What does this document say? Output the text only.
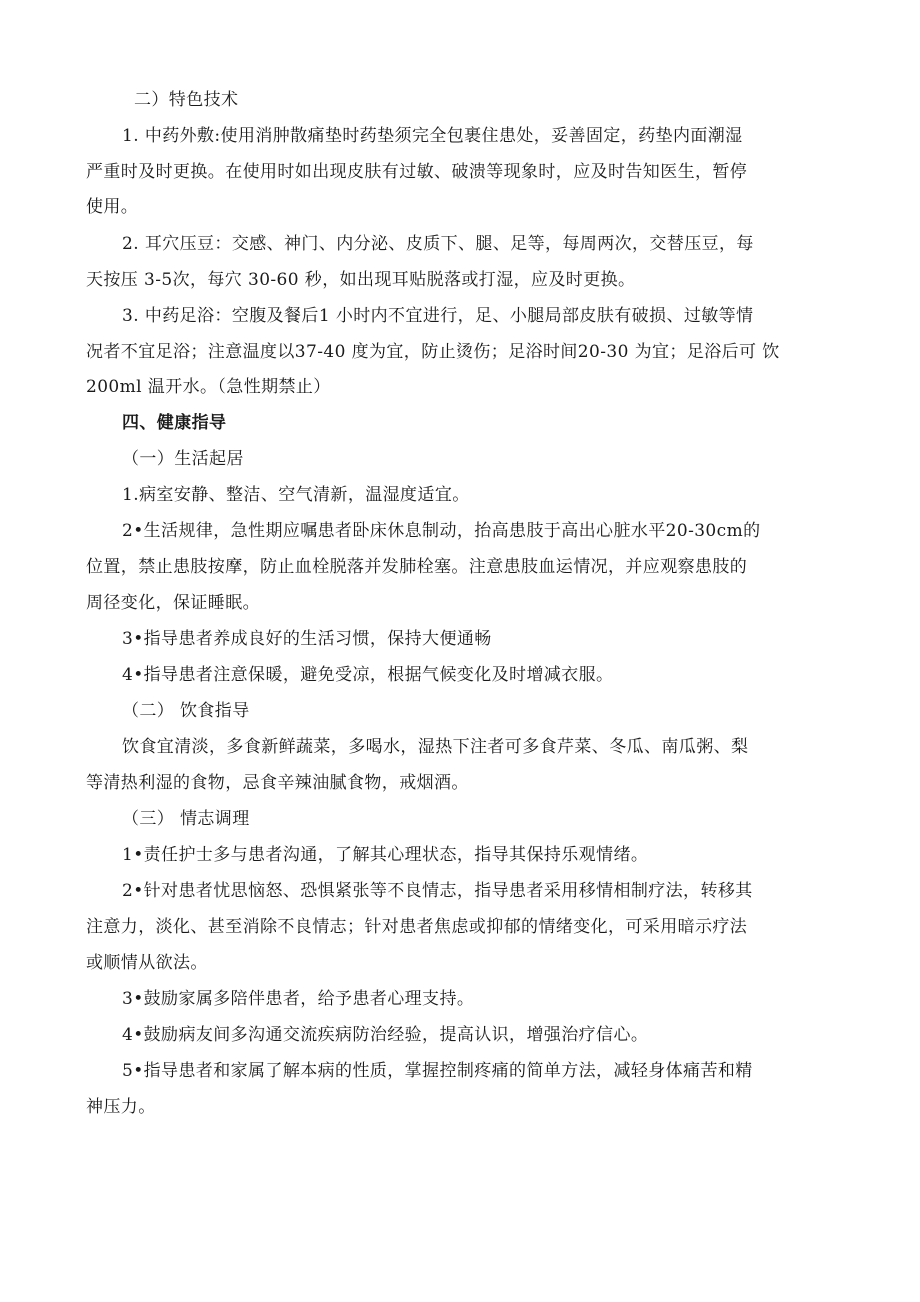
二）特色技术
1. 中药外敷:使用消肿散痛垫时药垫须完全包裹住患处，妥善固定，药垫内面潮湿
严重时及时更换。在使用时如出现皮肤有过敏、破溃等现象时，应及时告知医生，暂停
使用。
2. 耳穴压豆：交感、神门、内分泌、皮质下、腿、足等，每周两次，交替压豆，每
天按压 3-5次，每穴 30-60 秒，如出现耳贴脱落或打湿，应及时更换。
3. 中药足浴：空腹及餐后1 小时内不宜进行，足、小腿局部皮肤有破损、过敏等情
况者不宜足浴；注意温度以37-40 度为宜，防止烫伤；足浴时间20-30 为宜；足浴后可 饮
200ml 温开水。（急性期禁止）
四、健康指导
（一）生活起居
1.病室安静、整洁、空气清新，温湿度适宜。
2•生活规律，急性期应嘱患者卧床休息制动，抬高患肢于高出心脏水平20-30cm的
位置，禁止患肢按摩，防止血栓脱落并发肺栓塞。注意患肢血运情况，并应观察患肢的
周径变化，保证睡眠。
3•指导患者养成良好的生活习惯，保持大便通畅
4•指导患者注意保暖，避免受凉，根据气候变化及时增减衣服。
（二） 饮食指导
饮食宜清淡，多食新鲜蔬菜，多喝水，湿热下注者可多食芹菜、冬瓜、南瓜粥、梨
等清热利湿的食物，忌食辛辣油腻食物，戒烟酒。
（三） 情志调理
1•责任护士多与患者沟通，了解其心理状态，指导其保持乐观情绪。
2•针对患者忧思恼怒、恐惧紧张等不良情志，指导患者采用移情相制疗法，转移其
注意力，淡化、甚至消除不良情志；针对患者焦虑或抑郁的情绪变化，可采用暗示疗法
或顺情从欲法。
3•鼓励家属多陪伴患者，给予患者心理支持。
4•鼓励病友间多沟通交流疾病防治经验，提高认识，增强治疗信心。
5•指导患者和家属了解本病的性质，掌握控制疼痛的简单方法，减轻身体痛苦和精
神压力。
